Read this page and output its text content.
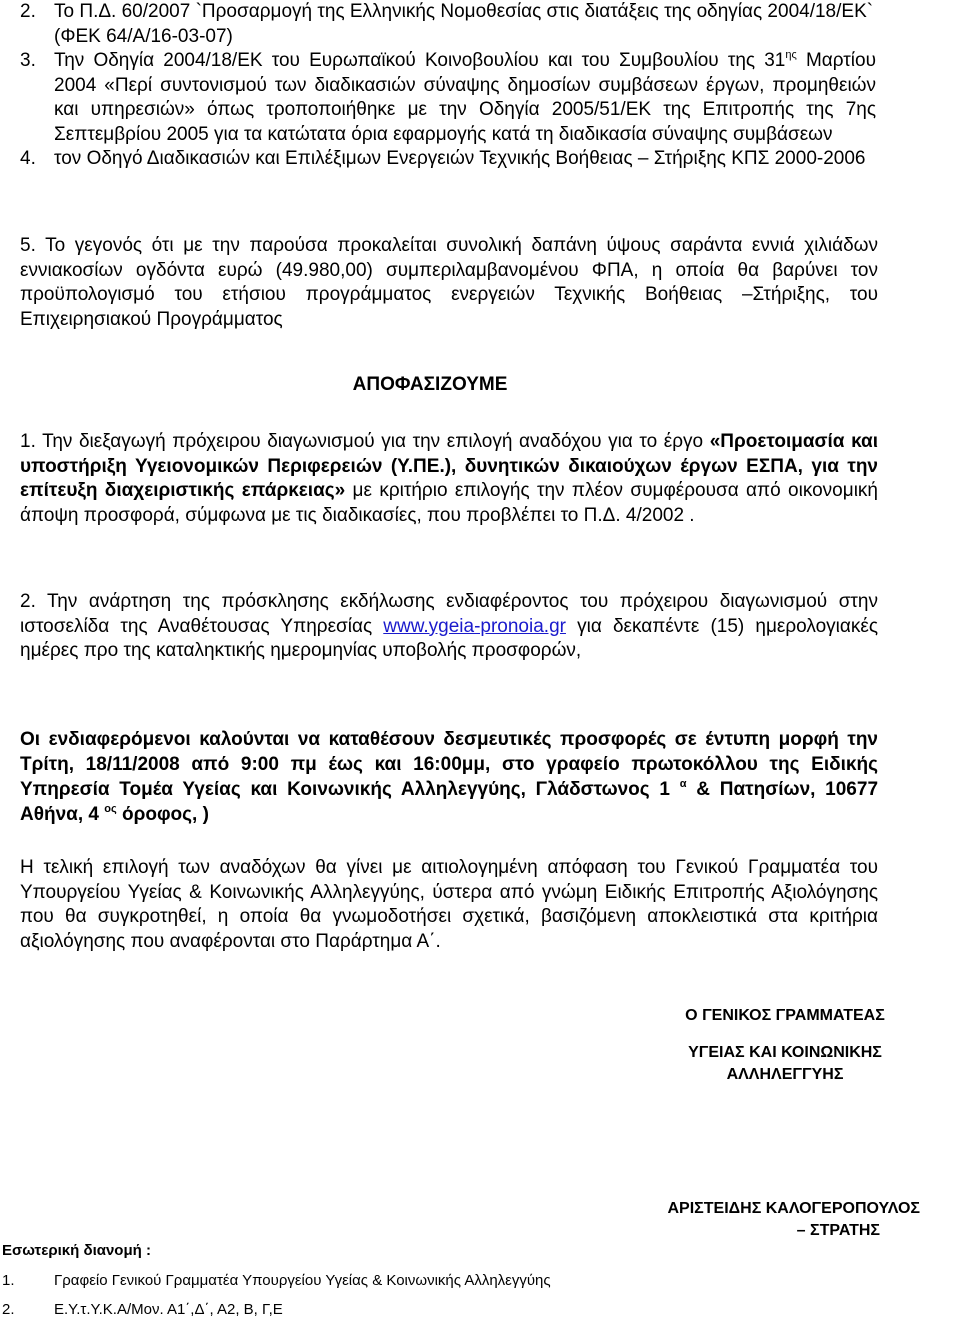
2. Το Π.Δ. 60/2007 `Προσαρμογή της Ελληνικής Νομοθεσίας στις διατάξεις της οδηγίας 2004/18/ΕΚ` (ΦΕΚ 64/Α/16-03-07)
3. Την Οδηγία 2004/18/ΕΚ του Ευρωπαϊκού Κοινοβουλίου και του Συμβουλίου της $31^{\eta\varsigma}$ Μαρτίου 2004 «Περί συντονισμού των διαδικασιών σύναψης δημοσίων συμβάσεων έργων, προμηθειών και υπηρεσιών» όπως τροποποιήθηκε με την Οδηγία 2005/51/ΕΚ της Επιτροπής της 7ης Σεπτεμβρίου 2005 για τα κατώτατα όρια εφαρμογής κατά τη διαδικασία σύναψης συμβάσεων
4. τον Οδηγό Διαδικασιών και Επιλέξιμων Ενεργειών Τεχνικής Βοήθειας – Στήριξης ΚΠΣ 2000-2006
5. Το γεγονός ότι με την παρούσα προκαλείται συνολική δαπάνη ύψους σαράντα εννιά χιλιάδων εννιακοσίων ογδόντα ευρώ (49.980,00) συμπεριλαμβανομένου ΦΠΑ, η οποία θα βαρύνει τον προϋπολογισμό του ετήσιου προγράμματος ενεργειών Τεχνικής Βοήθειας –Στήριξης, του Επιχειρησιακού Προγράμματος
ΑΠΟΦΑΣΙΖΟΥΜΕ
1. Την διεξαγωγή πρόχειρου διαγωνισμού για την επιλογή αναδόχου για το έργο «Προετοιμασία και υποστήριξη Υγειονομικών Περιφερειών (Υ.ΠΕ.), δυνητικών δικαιούχων έργων ΕΣΠΑ, για την επίτευξη διαχειριστικής επάρκειας» με κριτήριο επιλογής την πλέον συμφέρουσα από οικονομική άποψη προσφορά, σύμφωνα με τις διαδικασίες, που προβλέπει το Π.Δ. 4/2002 .
2. Την ανάρτηση της πρόσκλησης εκδήλωσης ενδιαφέροντος του πρόχειρου διαγωνισμού στην ιστοσελίδα της Αναθέτουσας Υπηρεσίας www.ygeia-pronoia.gr για δεκαπέντε (15) ημερολογιακές ημέρες προ της καταληκτικής ημερομηνίας υποβολής προσφορών,
Οι ενδιαφερόμενοι καλούνται να καταθέσουν δεσμευτικές προσφορές σε έντυπη μορφή την Τρίτη, 18/11/2008 από 9:00 πμ έως και 16:00μμ, στο γραφείο πρωτοκόλλου της Ειδικής Υπηρεσία Τομέα Υγείας και Κοινωνικής Αλληλεγγύης, Γλάδστωνος 1 $^\alpha$ & Πατησίων, 10677 Αθήνα, 4 $^{o\varsigma}$ όροφος, )
Η τελική επιλογή των αναδόχων θα γίνει με αιτιολογημένη απόφαση του Γενικού Γραμματέα του Υπουργείου Υγείας & Κοινωνικής Αλληλεγγύης, ύστερα από γνώμη Ειδικής Επιτροπής Αξιολόγησης που θα συγκροτηθεί, η οποία θα γνωμοδοτήσει σχετικά, βασιζόμενη αποκλειστικά στα κριτήρια αξιολόγησης που αναφέρονται στο Παράρτημα Α΄.
Ο ΓΕΝΙΚΟΣ ΓΡΑΜΜΑΤΕΑΣ
ΥΓΕΙΑΣ ΚΑΙ ΚΟΙΝΩΝΙΚΗΣ
ΑΛΛΗΛΕΓΓΥΗΣ
ΑΡΙΣΤΕΙΔΗΣ ΚΑΛΟΓΕΡΟΠΟΥΛΟΣ
– ΣΤΡΑΤΗΣ
Εσωτερική διανομή :
1.	Γραφείο Γενικού Γραμματέα Υπουργείου Υγείας & Κοινωνικής Αλληλεγγύης
2.	Ε.Υ.τ.Υ.Κ.Α/Μον. Α1΄,Δ΄, Α2, Β, Γ,Ε
